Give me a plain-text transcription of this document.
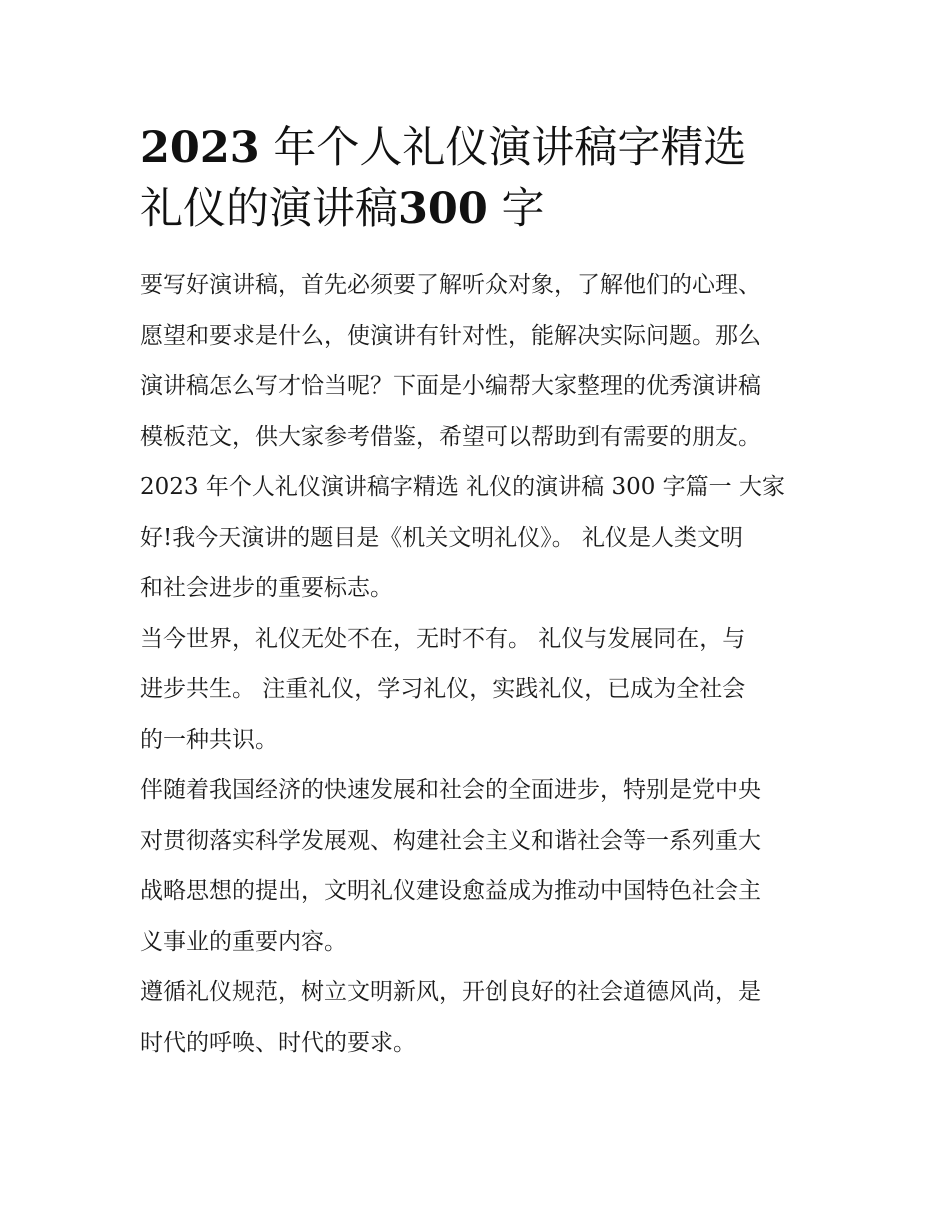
2023 年个人礼仪演讲稿字精选
礼仪的演讲稿300 字
要写好演讲稿，首先必须要了解听众对象，了解他们的心理、
愿望和要求是什么，使演讲有针对性，能解决实际问题。那么
演讲稿怎么写才恰当呢？下面是小编帮大家整理的优秀演讲稿
模板范文，供大家参考借鉴，希望可以帮助到有需要的朋友。
2023 年个人礼仪演讲稿字精选 礼仪的演讲稿 300 字篇一 大家
好!我今天演讲的题目是《机关文明礼仪》。 礼仪是人类文明
和社会进步的重要标志。
当今世界，礼仪无处不在，无时不有。 礼仪与发展同在，与
进步共生。 注重礼仪，学习礼仪，实践礼仪，已成为全社会
的一种共识。
伴随着我国经济的快速发展和社会的全面进步，特别是党中央
对贯彻落实科学发展观、构建社会主义和谐社会等一系列重大
战略思想的提出，文明礼仪建设愈益成为推动中国特色社会主
义事业的重要内容。
遵循礼仪规范，树立文明新风，开创良好的社会道德风尚，是
时代的呼唤、时代的要求。
